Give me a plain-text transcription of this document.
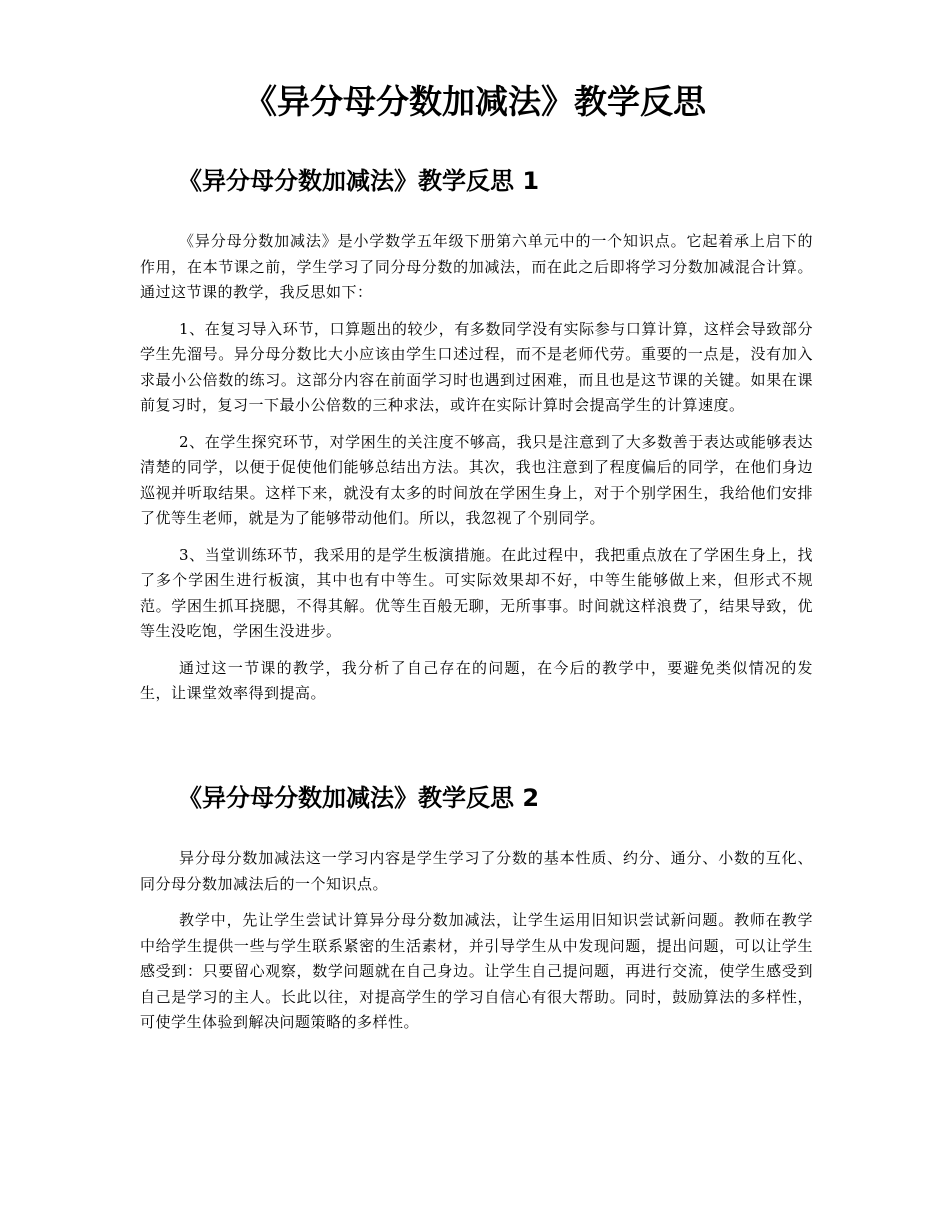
《异分母分数加减法》教学反思
《异分母分数加减法》教学反思 1

《异分母分数加减法》是小学数学五年级下册第六单元中的一个知识点。它起着承上启下的作用，在本节课之前，学生学习了同分母分数的加减法，而在此之后即将学习分数加减混合计算。通过这节课的教学，我反思如下：

1、在复习导入环节，口算题出的较少，有多数同学没有实际参与口算计算，这样会导致部分学生先溜号。异分母分数比大小应该由学生口述过程，而不是老师代劳。重要的一点是，没有加入求最小公倍数的练习。这部分内容在前面学习时也遇到过困难，而且也是这节课的关键。如果在课前复习时，复习一下最小公倍数的三种求法，或许在实际计算时会提高学生的计算速度。

2、在学生探究环节，对学困生的关注度不够高，我只是注意到了大多数善于表达或能够表达清楚的同学，以便于促使他们能够总结出方法。其次，我也注意到了程度偏后的同学，在他们身边巡视并听取结果。这样下来，就没有太多的时间放在学困生身上，对于个别学困生，我给他们安排了优等生老师，就是为了能够带动他们。所以，我忽视了个别同学。

3、当堂训练环节，我采用的是学生板演措施。在此过程中，我把重点放在了学困生身上，找了多个学困生进行板演，其中也有中等生。可实际效果却不好，中等生能够做上来，但形式不规范。学困生抓耳挠腮，不得其解。优等生百般无聊，无所事事。时间就这样浪费了，结果导致，优等生没吃饱，学困生没进步。

通过这一节课的教学，我分析了自己存在的问题，在今后的教学中，要避免类似情况的发生，让课堂效率得到提高。

《异分母分数加减法》教学反思 2

异分母分数加减法这一学习内容是学生学习了分数的基本性质、约分、通分、小数的互化、同分母分数加减法后的一个知识点。

教学中，先让学生尝试计算异分母分数加减法，让学生运用旧知识尝试新问题。教师在教学中给学生提供一些与学生联系紧密的生活素材，并引导学生从中发现问题，提出问题，可以让学生感受到：只要留心观察，数学问题就在自己身边。让学生自己提问题，再进行交流，使学生感受到自己是学习的主人。长此以往，对提高学生的学习自信心有很大帮助。同时，鼓励算法的多样性，可使学生体验到解决问题策略的多样性。
